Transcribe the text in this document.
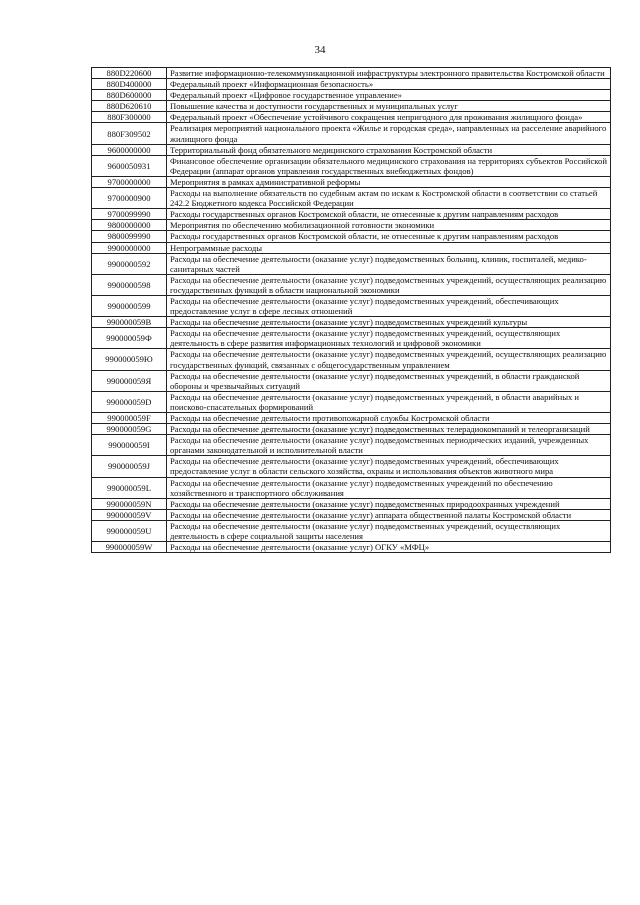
34
880D220600	Развитие информационно-телекоммуникационной инфраструктуры электронного правительства Костромской области
880D400000	Федеральный проект «Информационная безопасность»
880D600000	Федеральный проект «Цифровое государственное управление»
880D620610	Повышение качества и доступности государственных и муниципальных услуг
880F300000	Федеральный проект «Обеспечение устойчивого сокращения непригодного для проживания жилищного фонда»
880F309502	Реализация мероприятий национального проекта «Жилье и городская среда», направленных на расселение аварийного жилищного фонда
9600000000	Территориальный фонд обязательного медицинского страхования Костромской области
9600050931	Финансовое обеспечение организации обязательного медицинского страхования на территориях субъектов Российской Федерации (аппарат органов управления государственных внебюджетных фондов)
9700000000	Мероприятия в рамках административной реформы
9700000900	Расходы на выполнение обязательств по судебным актам по искам к Костромской области в соответствии со статьей 242.2 Бюджетного кодекса Российской Федерации
9700099990	Расходы государственных органов Костромской области, не отнесенные к другим направлениям расходов
9800000000	Мероприятия по обеспечению мобилизационной готовности экономики
9800099990	Расходы государственных органов Костромской области, не отнесенные к другим направлениям расходов
9900000000	Непрограммные расходы
9900000592	Расходы на обеспечение деятельности (оказание услуг) подведомственных больниц, клиник, госпиталей, медико-санитарных частей
9900000598	Расходы на обеспечение деятельности (оказание услуг) подведомственных учреждений, осуществляющих реализацию государственных функций в области национальной экономики
9900000599	Расходы на обеспечение деятельности (оказание услуг) подведомственных учреждений, обеспечивающих предоставление услуг в сфере лесных отношений
990000059B	Расходы на обеспечение деятельности (оказание услуг) подведомственных учреждений культуры
990000059Ф	Расходы на обеспечение деятельности (оказание услуг) подведомственных учреждений, осуществляющих деятельность в сфере развития информационных технологий и цифровой экономики
990000059Ю	Расходы на обеспечение деятельности (оказание услуг) подведомственных учреждений, осуществляющих реализацию государственных функций, связанных с общегосударственным управлением
990000059Я	Расходы на обеспечение деятельности (оказание услуг) подведомственных учреждений, в области гражданской обороны и чрезвычайных ситуаций
990000059D	Расходы на обеспечение деятельности (оказание услуг) подведомственных учреждений, в области аварийных и поисково-спасательных формирований
990000059F	Расходы на обеспечение деятельности противопожарной службы Костромской области
990000059G	Расходы на обеспечение деятельности (оказание услуг) подведомственных телерадиокомпаний и телеорганизаций
990000059I	Расходы на обеспечение деятельности (оказание услуг) подведомственных периодических изданий, учрежденных органами законодательной и исполнительной власти
990000059J	Расходы на обеспечение деятельности (оказание услуг) подведомственных учреждений, обеспечивающих предоставление услуг в области сельского хозяйства, охраны и использования объектов животного мира
990000059L	Расходы на обеспечение деятельности (оказание услуг) подведомственных учреждений по обеспечению хозяйственного и транспортного обслуживания
990000059N	Расходы на обеспечение деятельности (оказание услуг) подведомственных природоохранных учреждений
990000059V	Расходы на обеспечение деятельности (оказание услуг) аппарата общественной палаты Костромской области
990000059U	Расходы на обеспечение деятельности (оказание услуг) подведомственных учреждений, осуществляющих деятельность в сфере социальной защиты населения
990000059W	Расходы на обеспечение деятельности (оказание услуг) ОГКУ «МФЦ»
